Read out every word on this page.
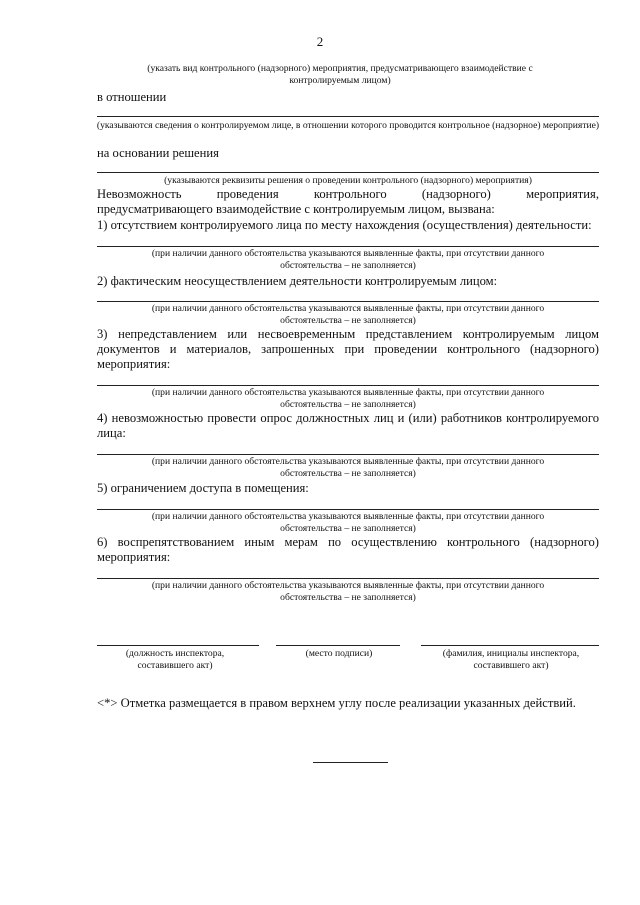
2
(указать вид контрольного (надзорного) мероприятия, предусматривающего взаимодействие с контролируемым лицом)
в отношении
(указываются сведения о контролируемом лице, в отношении которого проводится контрольное (надзорное) мероприятие)
на основании решения
(указываются реквизиты решения о проведении контрольного (надзорного) мероприятия)
Невозможность проведения контрольного (надзорного) мероприятия,
предусматривающего взаимодействие с контролируемым лицом, вызвана:
1) отсутствием контролируемого лица по месту нахождения (осуществления) деятельности:
(при наличии данного обстоятельства указываются выявленные факты, при отсутствии данного обстоятельства – не заполняется)
2) фактическим неосуществлением деятельности контролируемым лицом:
(при наличии данного обстоятельства указываются выявленные факты, при отсутствии данного обстоятельства – не заполняется)
3) непредставлением или несвоевременным представлением контролируемым лицом
документов и материалов, запрошенных при проведении контрольного (надзорного)
мероприятия:
(при наличии данного обстоятельства указываются выявленные факты, при отсутствии данного обстоятельства – не заполняется)
4) невозможностью провести опрос должностных лиц и (или) работников контролируемого
лица:
(при наличии данного обстоятельства указываются выявленные факты, при отсутствии данного обстоятельства – не заполняется)
5) ограничением доступа в помещения:
(при наличии данного обстоятельства указываются выявленные факты, при отсутствии данного обстоятельства – не заполняется)
6) воспрепятствованием иным мерам по осуществлению контрольного (надзорного)
мероприятия:
(при наличии данного обстоятельства указываются выявленные факты, при отсутствии данного обстоятельства – не заполняется)
(должность инспектора, составившего акт)
(место подписи)	(фамилия, инициалы инспектора, составившего акт)
<*> Отметка размещается в правом верхнем углу после реализации указанных действий.
